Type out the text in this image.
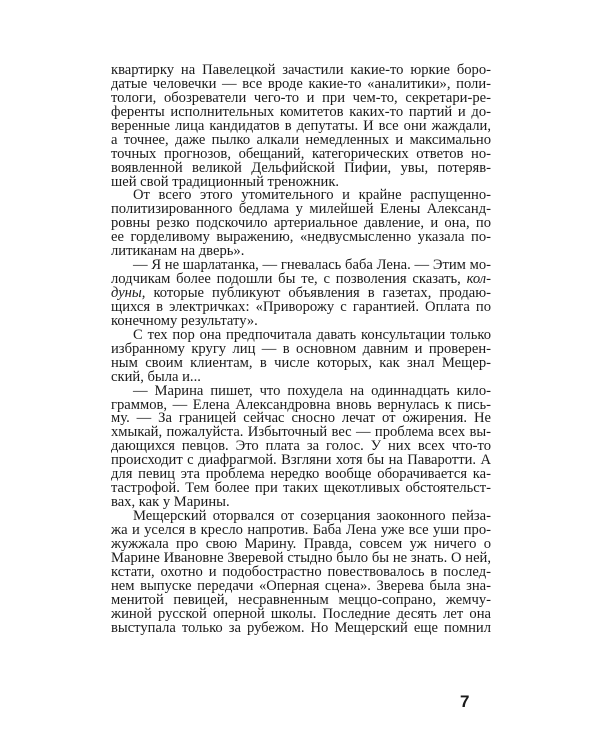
квартирку на Павелецкой зачастили какие-то юркие боро-
датые человечки — все вроде какие-то «аналитики», поли-
тологи, обозреватели чего-то и при чем-то, секретари-ре-
ференты исполнительных комитетов каких-то партий и до-
веренные лица кандидатов в депутаты. И все они жаждали,
а точнее, даже пылко алкали немедленных и максимально
точных прогнозов, обещаний, категорических ответов но-
воявленной великой Дельфийской Пифии, увы, потеряв-
шей свой традиционный треножник.
От всего этого утомительного и крайне распущенно-
политизированного бедлама у милейшей Елены Александ-
ровны резко подскочило артериальное давление, и она, по
ее горделивому выражению, «недвусмысленно указала по-
литиканам на дверь».
— Я не шарлатанка, — гневалась баба Лена. — Этим мо-
лодчикам более подошли бы те, с позволения сказать, кол-
дуны, которые публикуют объявления в газетах, продаю-
щихся в электричках: «Приворожу с гарантией. Оплата по
конечному результату».
С тех пор она предпочитала давать консультации только
избранному кругу лиц — в основном давним и проверен-
ным своим клиентам, в числе которых, как знал Мещер-
ский, была и...
— Марина пишет, что похудела на одиннадцать кило-
граммов, — Елена Александровна вновь вернулась к пись-
му. — За границей сейчас сносно лечат от ожирения. Не
хмыкай, пожалуйста. Избыточный вес — проблема всех вы-
дающихся певцов. Это плата за голос. У них всех что-то
происходит с диафрагмой. Взгляни хотя бы на Паваротти. А
для певиц эта проблема нередко вообще оборачивается ка-
тастрофой. Тем более при таких щекотливых обстоятельст-
вах, как у Марины.
Мещерский оторвался от созерцания заоконного пейза-
жа и уселся в кресло напротив. Баба Лена уже все уши про-
жужжала про свою Марину. Правда, совсем уж ничего о
Марине Ивановне Зверевой стыдно было бы не знать. О ней,
кстати, охотно и подобострастно повествовалось в послед-
нем выпуске передачи «Оперная сцена». Зверева была зна-
менитой певицей, несравненным меццо-сопрано, жемчу-
жиной русской оперной школы. Последние десять лет она
выступала только за рубежом. Но Мещерский еще помнил
7
